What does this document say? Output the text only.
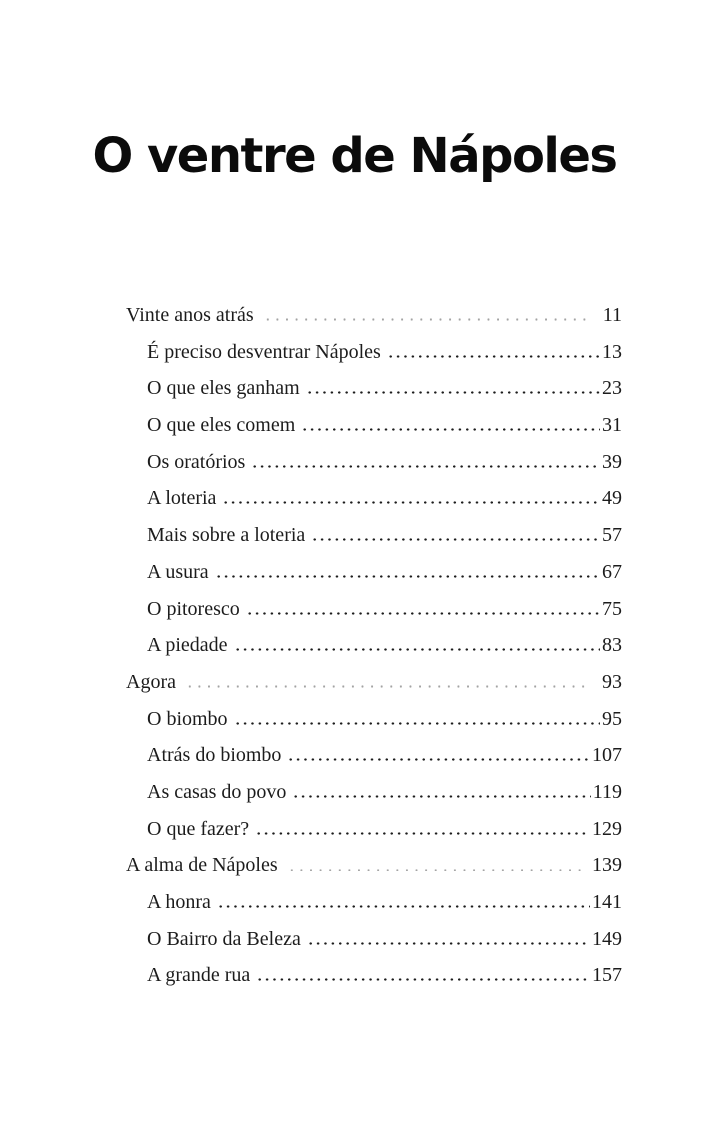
O ventre de Nápoles
Vinte anos atrás	11
É preciso desventrar Nápoles	13
O que eles ganham	23
O que eles comem	31
Os oratórios	39
A loteria	49
Mais sobre a loteria	57
A usura	67
O pitoresco	75
A piedade	83
Agora	93
O biombo	95
Atrás do biombo	107
As casas do povo	119
O que fazer?	129
A alma de Nápoles	139
A honra	141
O Bairro da Beleza	149
A grande rua	157
